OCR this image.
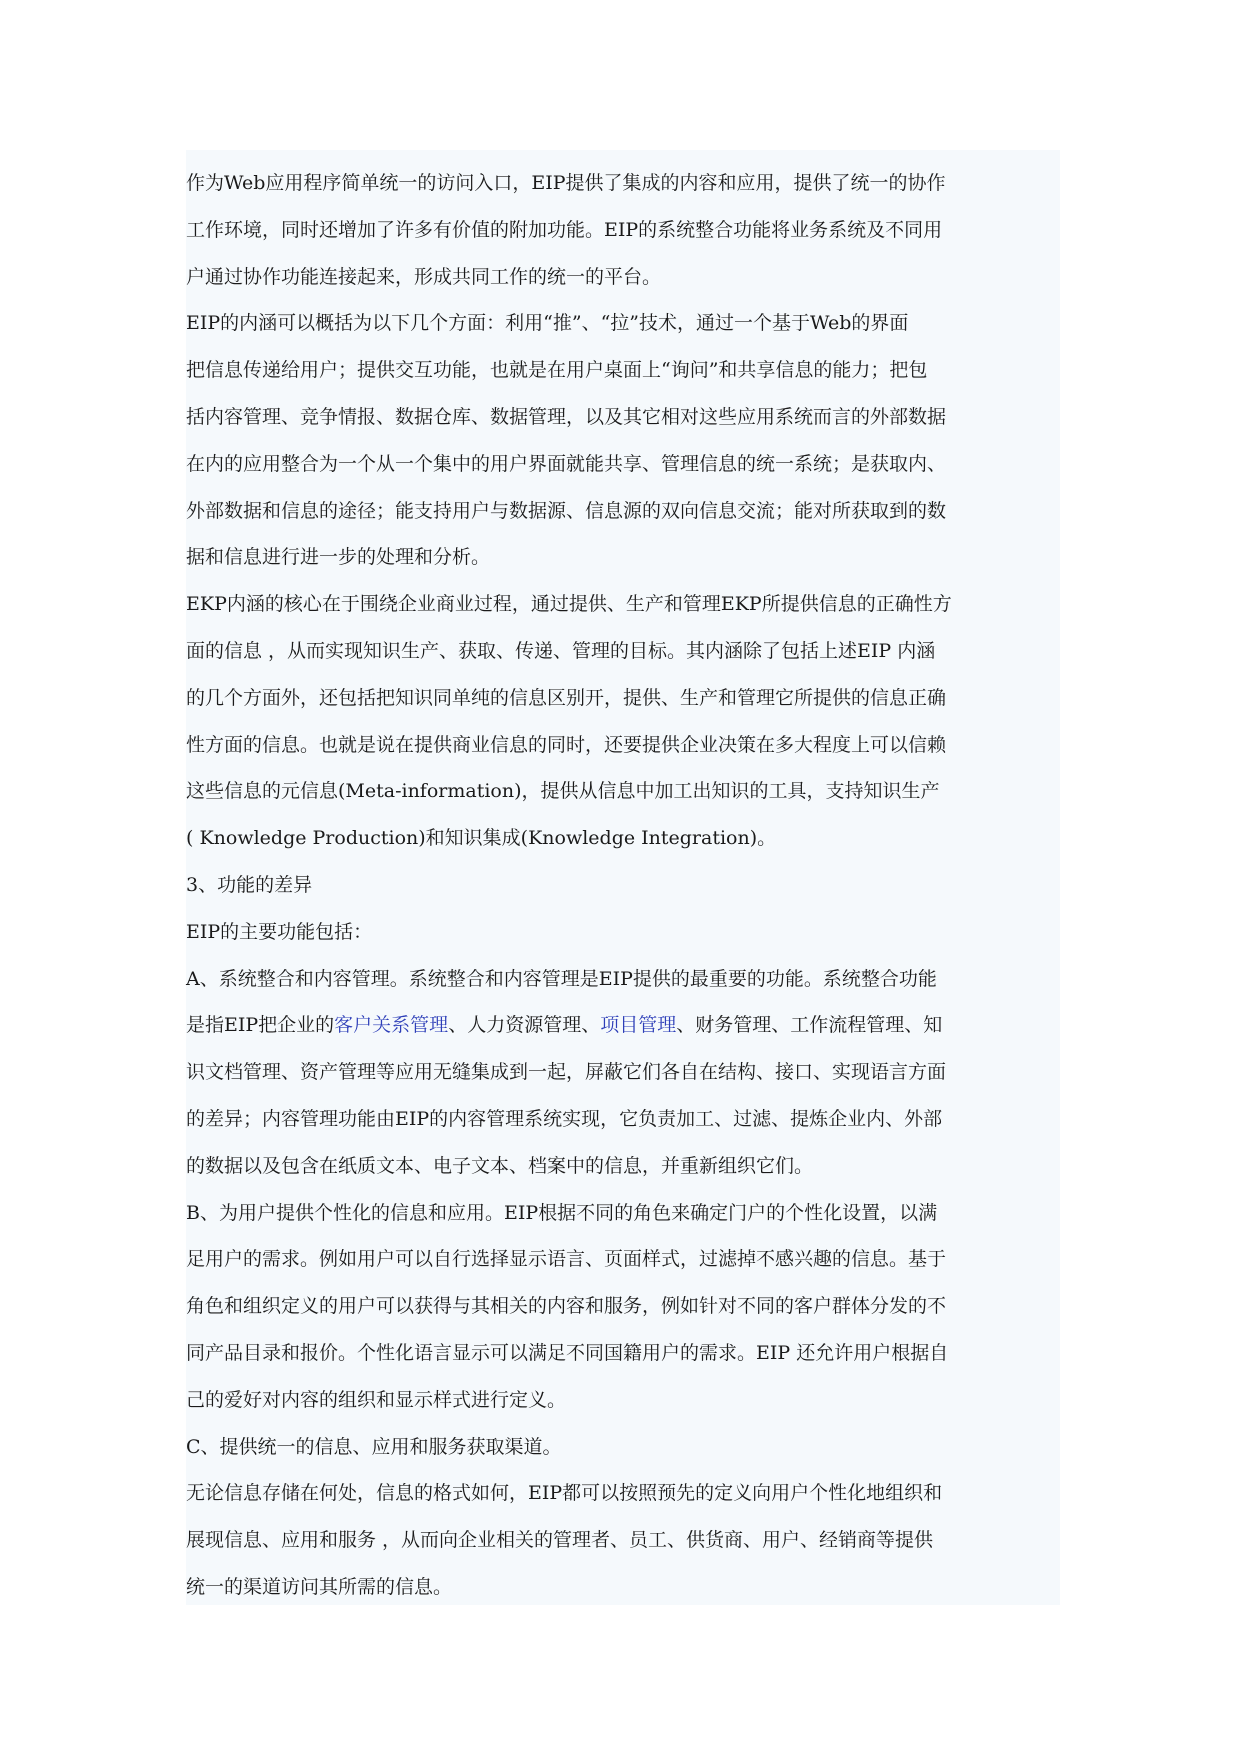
作为Web应用程序简单统一的访问入口，EIP提供了集成的内容和应用，提供了统一的协作
工作环境，同时还增加了许多有价值的附加功能。EIP的系统整合功能将业务系统及不同用
户通过协作功能连接起来，形成共同工作的统一的平台。
EIP的内涵可以概括为以下几个方面：利用“推”、“拉”技术，通过一个基于Web的界面
把信息传递给用户；提供交互功能，也就是在用户桌面上“询问”和共享信息的能力；把包
括内容管理、竞争情报、数据仓库、数据管理，以及其它相对这些应用系统而言的外部数据
在内的应用整合为一个从一个集中的用户界面就能共享、管理信息的统一系统；是获取内、
外部数据和信息的途径；能支持用户与数据源、信息源的双向信息交流；能对所获取到的数
据和信息进行进一步的处理和分析。
EKP内涵的核心在于围绕企业商业过程，通过提供、生产和管理EKP所提供信息的正确性方
面的信息 ，从而实现知识生产、获取、传递、管理的目标。其内涵除了包括上述EIP 内涵
的几个方面外，还包括把知识同单纯的信息区别开，提供、生产和管理它所提供的信息正确
性方面的信息。也就是说在提供商业信息的同时，还要提供企业决策在多大程度上可以信赖
这些信息的元信息(Meta-information)，提供从信息中加工出知识的工具，支持知识生产
( Knowledge Production)和知识集成(Knowledge Integration)。
3、功能的差异
EIP的主要功能包括：
A、系统整合和内容管理。系统整合和内容管理是EIP提供的最重要的功能。系统整合功能
是指EIP把企业的客户关系管理、人力资源管理、项目管理、财务管理、工作流程管理、知
识文档管理、资产管理等应用无缝集成到一起，屏蔽它们各自在结构、接口、实现语言方面
的差异；内容管理功能由EIP的内容管理系统实现，它负责加工、过滤、提炼企业内、外部
的数据以及包含在纸质文本、电子文本、档案中的信息，并重新组织它们。
B、为用户提供个性化的信息和应用。EIP根据不同的角色来确定门户的个性化设置，以满
足用户的需求。例如用户可以自行选择显示语言、页面样式，过滤掉不感兴趣的信息。基于
角色和组织定义的用户可以获得与其相关的内容和服务，例如针对不同的客户群体分发的不
同产品目录和报价。个性化语言显示可以满足不同国籍用户的需求。EIP 还允许用户根据自
己的爱好对内容的组织和显示样式进行定义。
C、提供统一的信息、应用和服务获取渠道。
无论信息存储在何处，信息的格式如何，EIP都可以按照预先的定义向用户个性化地组织和
展现信息、应用和服务 ，从而向企业相关的管理者、员工、供货商、用户、经销商等提供
统一的渠道访问其所需的信息。
